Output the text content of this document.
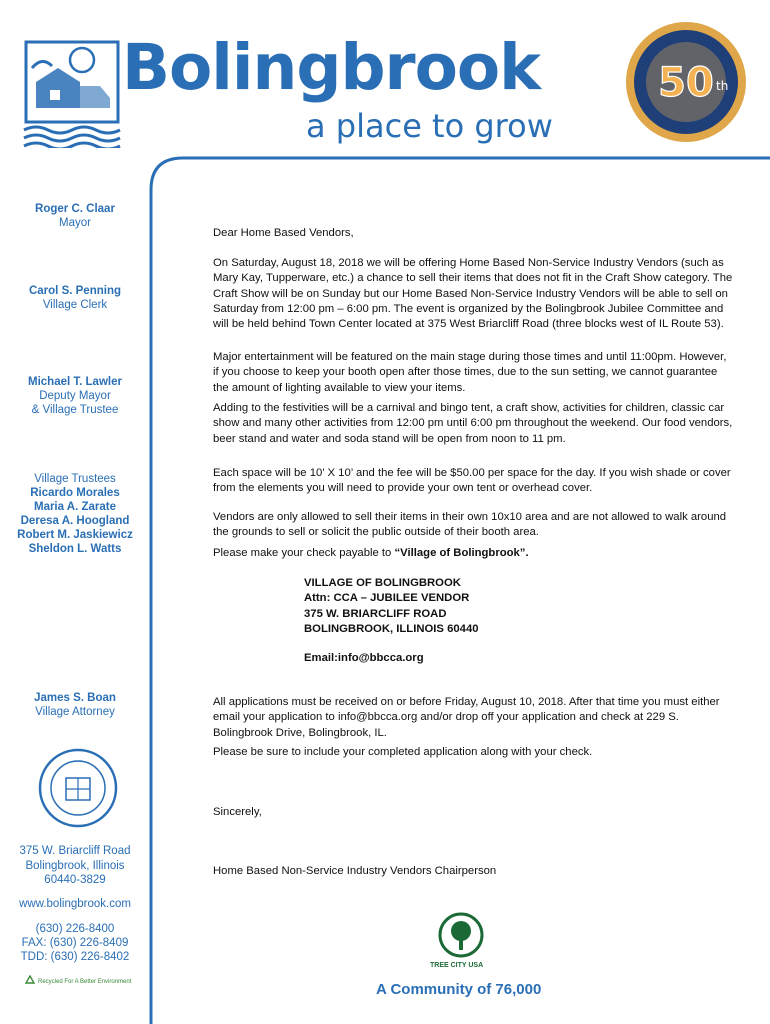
Bolingbrook
a place to grow
50 th
Roger C. Claar
Mayor
Carol S. Penning
Village Clerk
Michael T. Lawler
Deputy Mayor
& Village Trustee
Village Trustees
Ricardo Morales
Maria A. Zarate
Deresa A. Hoogland
Robert M. Jaskiewicz
Sheldon L. Watts
James S. Boan
Village Attorney
375 W. Briarcliff Road
Bolingbrook, Illinois
60440-3829
www.bolingbrook.com
(630) 226-8400
FAX: (630) 226-8409
TDD: (630) 226-8402
Recycled For A Better Environment
Dear Home Based Vendors,
On Saturday, August 18, 2018 we will be offering Home Based Non-Service Industry Vendors (such as Mary Kay, Tupperware, etc.) a chance to sell their items that does not fit in the Craft Show category. The Craft Show will be on Sunday but our Home Based Non-Service Industry Vendors will be able to sell on Saturday from 12:00 pm – 6:00 pm. The event is organized by the Bolingbrook Jubilee Committee and will be held behind Town Center located at 375 West Briarcliff Road (three blocks west of IL Route 53).
Major entertainment will be featured on the main stage during those times and until 11:00pm. However, if you choose to keep your booth open after those times, due to the sun setting, we cannot guarantee the amount of lighting available to view your items.
Adding to the festivities will be a carnival and bingo tent, a craft show, activities for children, classic car show and many other activities from 12:00 pm until 6:00 pm throughout the weekend. Our food vendors, beer stand and water and soda stand will be open from noon to 11 pm.
Each space will be 10’ X 10’ and the fee will be $50.00 per space for the day. If you wish shade or cover from the elements you will need to provide your own tent or overhead cover.
Vendors are only allowed to sell their items in their own 10x10 area and are not allowed to walk around the grounds to sell or solicit the public outside of their booth area.
Please make your check payable to “Village of Bolingbrook”.
VILLAGE OF BOLINGBROOK
Attn: CCA – JUBILEE VENDOR
375 W. BRIARCLIFF ROAD
BOLINGBROOK, ILLINOIS 60440
Email:info@bbcca.org
All applications must be received on or before Friday, August 10, 2018. After that time you must either email your application to info@bbcca.org and/or drop off your application and check at 229 S. Bolingbrook Drive, Bolingbrook, IL.
Please be sure to include your completed application along with your check.
Sincerely,
Home Based Non-Service Industry Vendors Chairperson
TREE CITY USA
A Community of 76,000
